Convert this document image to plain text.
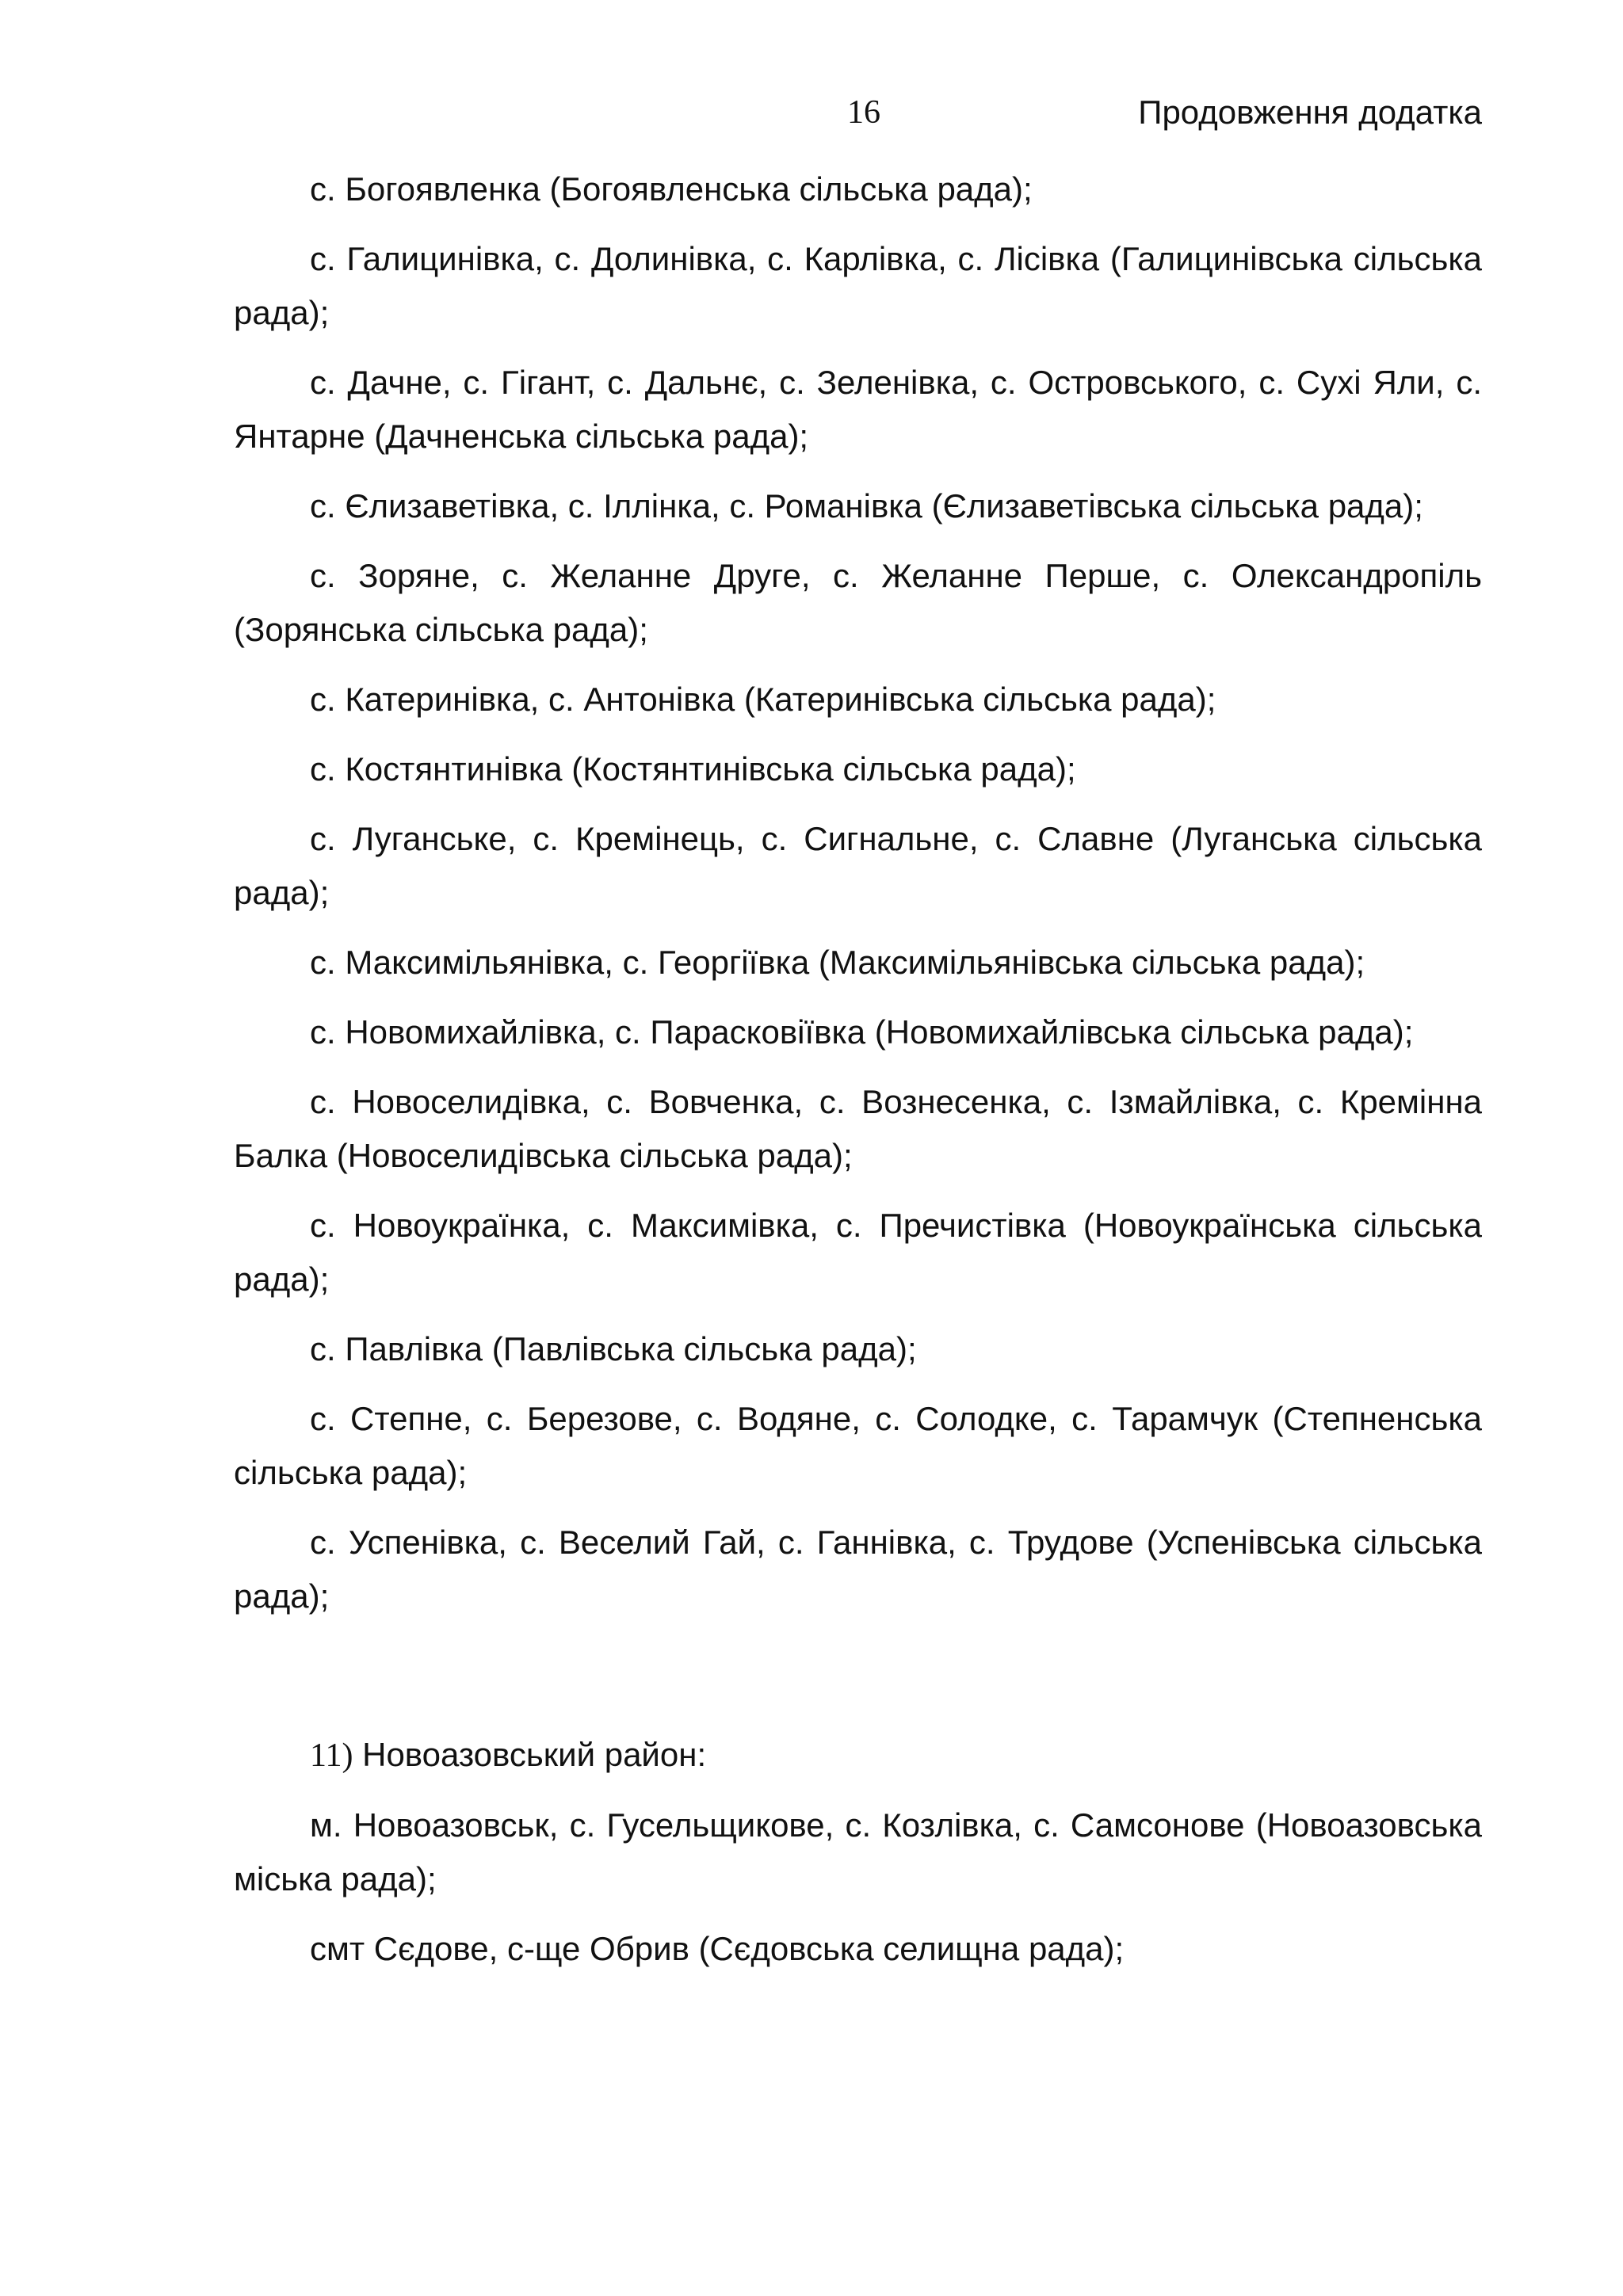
16	Продовження додатка

с. Богоявленка (Богоявленська сільська рада);

с. Галицинівка, с. Долинівка, с. Карлівка, с. Лісівка (Галицинівська сільська рада);

с. Дачне, с. Гігант, с. Дальнє, с. Зеленівка, с. Островського, с. Сухі Яли, с. Янтарне (Дачненська сільська рада);

с. Єлизаветівка, с. Іллінка, с. Романівка (Єлизаветівська сільська рада);

с. Зоряне, с. Желанне Друге, с. Желанне Перше, с. Олександропіль (Зорянська сільська рада);

с. Катеринівка, с. Антонівка (Катеринівська сільська рада);

с. Костянтинівка (Костянтинівська сільська рада);

с. Луганське, с. Кремінець, с. Сигнальне, с. Славне (Луганська сільська рада);

с. Максимільянівка, с. Георгіївка (Максимільянівська сільська рада);

с. Новомихайлівка, с. Парасковіївка (Новомихайлівська сільська рада);

с. Новоселидівка, с. Вовченка, с. Вознесенка, с. Ізмайлівка, с. Кремінна Балка (Новоселидівська сільська рада);

с. Новоукраїнка, с. Максимівка, с. Пречистівка (Новоукраїнська сільська рада);

с. Павлівка (Павлівська сільська рада);

с. Степне, с. Березове, с. Водяне, с. Солодке, с. Тарамчук (Степненська сільська рада);

с. Успенівка, с. Веселий Гай, с. Ганнівка, с. Трудове (Успенівська сільська рада);

11) Новоазовський район:

м. Новоазовськ, с. Гусельщикове, с. Козлівка, с. Самсонове (Новоазовська міська рада);

смт Сєдове, с-ще Обрив (Сєдовська селищна рада);
